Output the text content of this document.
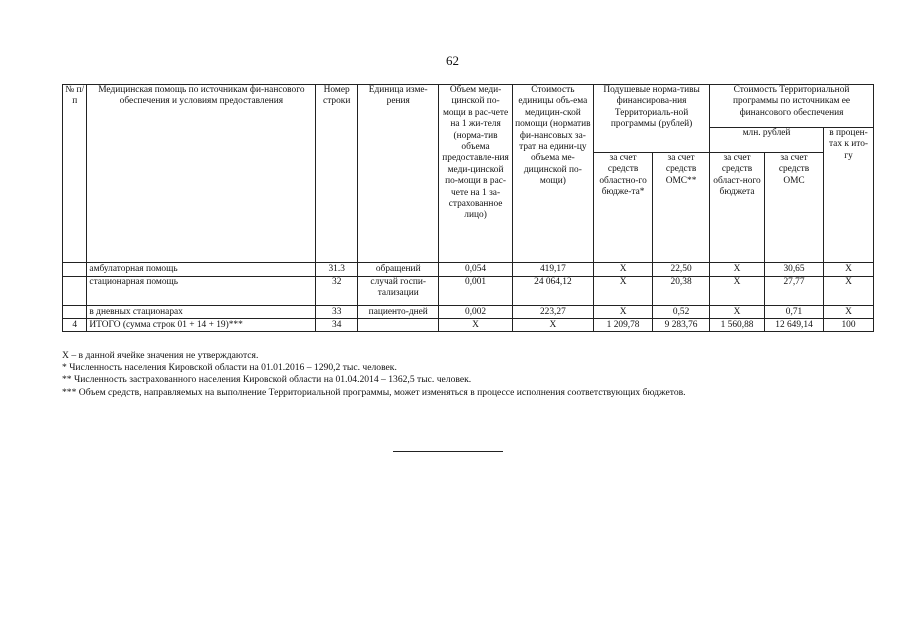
62
№ п/п	Медицинская помощь по источникам фи-нансового обеспечения и условиям предоставления	Номер строки	Единица изме-рения	Объем меди-цинской по-мощи в рас-чете на 1 жи-теля (норма-тив объема предоставле-ния меди-цинской по-мощи в рас-чете на 1 за-страхованное лицо)	Стоимость единицы объ-ема медицин-ской помощи (норматив фи-нансовых за-трат на едини-цу объема ме-дицинской по-мощи)	Подушевые норма-тивы финансирова-ния Территориаль-ной программы (рублей)		Стоимость Территориальной программы по источникам ее финансового обеспечения		
								млн. рублей		в процен-тах к ито-гу
						за счет средств областно-го бюдже-та*	за счет средств ОМС**	за счет средств област-ного бюджета	за счет средств ОМС	
	амбулаторная помощь	31.3	обращений	0,054	419,17	X	22,50	X	30,65	X
	стационарная помощь	32	случай госпи-тализации	0,001	24 064,12	X	20,38	X	27,77	X
	в дневных стационарах	33	пациенто-дней	0,002	223,27	X	0,52	X	0,71	X
4	ИТОГО (сумма строк 01 + 14 + 19)***	34		X	X	1 209,78	9 283,76	1 560,88	12 649,14	100
X – в данной ячейке значения не утверждаются.
* Численность населения Кировской области на 01.01.2016 – 1290,2 тыс. человек.
** Численность застрахованного населения Кировской области на 01.04.2014 – 1362,5 тыс. человек.
*** Объем средств, направляемых на выполнение Территориальной программы, может изменяться в процессе исполнения соответствующих бюджетов.
